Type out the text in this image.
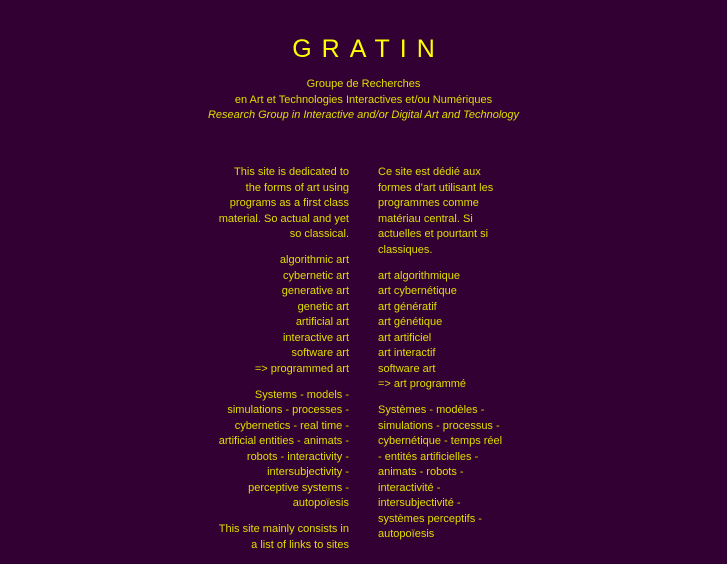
GRATIN
Groupe de Recherches
en Art et Technologies Interactives et/ou Numériques
Research Group in Interactive and/or Digital Art and Technology
This site is dedicated to
the forms of art using
programs as a first class
material. So actual and yet
so classical.
algorithmic art
cybernetic art
generative art
genetic art
artificial art
interactive art
software art
=> programmed art
Systems - models -
simulations - processes -
cybernetics - real time -
artificial entities - animats -
robots - interactivity -
intersubjectivity -
perceptive systems -
autopoïesis
This site mainly consists in
a list of links to sites
Ce site est dédié aux
formes d'art utilisant les
programmes comme
matériau central. Si
actuelles et pourtant si
classiques.
art algorithmique
art cybernétique
art génératif
art génétique
art artificiel
art interactif
software art
=> art programmé
Systèmes - modèles -
simulations - processus -
cybernétique - temps réel
- entités artificielles -
animats - robots -
interactivité -
intersubjectivité -
systèmes perceptifs -
autopoïesis
